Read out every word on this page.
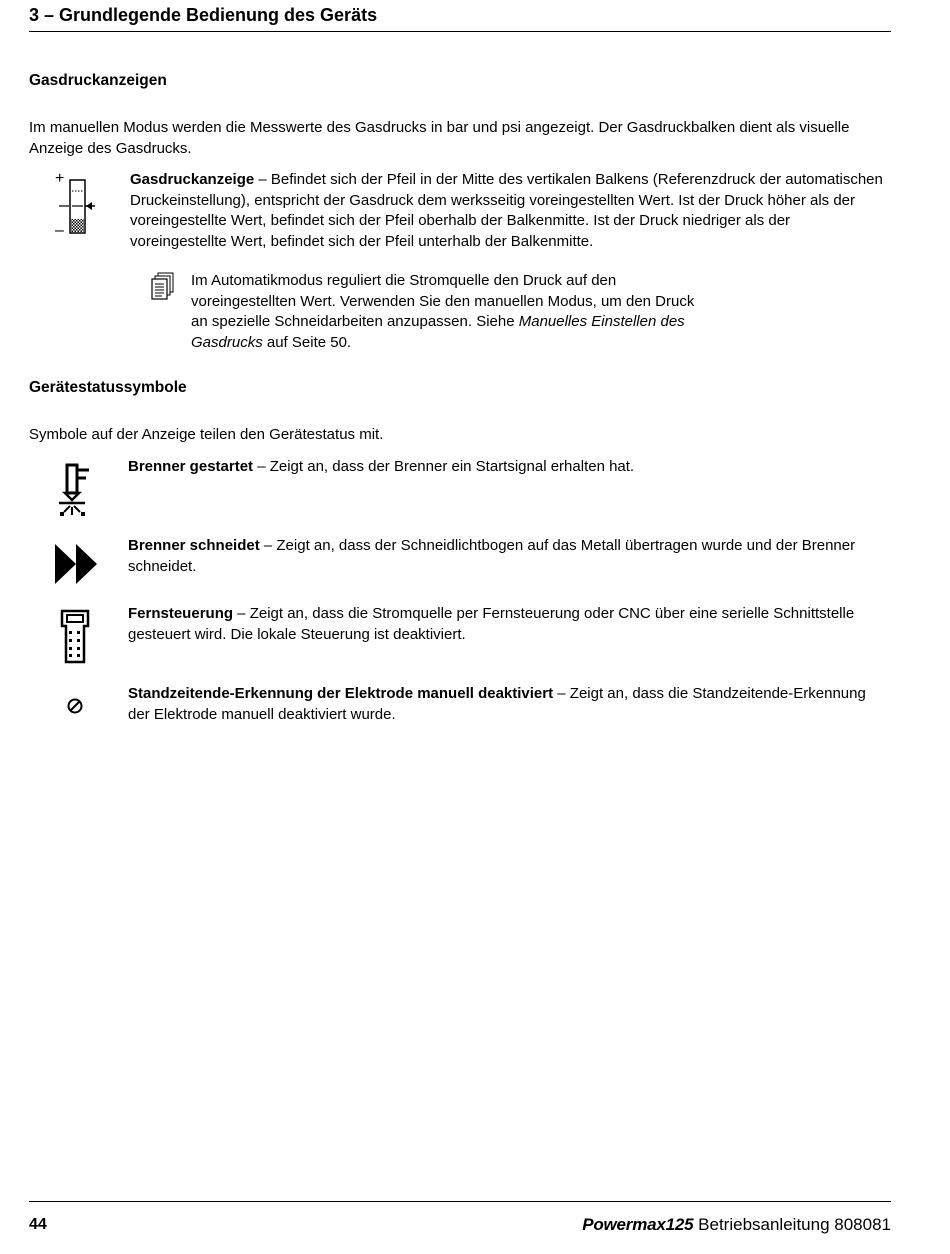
3 – Grundlegende Bedienung des Geräts
Gasdruckanzeigen

Im manuellen Modus werden die Messwerte des Gasdrucks in bar und psi angezeigt. Der Gasdruckbalken dient als visuelle Anzeige des Gasdrucks.

+
–

Gasdruckanzeige – Befindet sich der Pfeil in der Mitte des vertikalen Balkens (Referenzdruck der automatischen Druckeinstellung), entspricht der Gasdruck dem werksseitig voreingestellten Wert. Ist der Druck höher als der voreingestellte Wert, befindet sich der Pfeil oberhalb der Balkenmitte. Ist der Druck niedriger als der voreingestellte Wert, befindet sich der Pfeil unterhalb der Balkenmitte.

Im Automatikmodus reguliert die Stromquelle den Druck auf den voreingestellten Wert. Verwenden Sie den manuellen Modus, um den Druck an spezielle Schneidarbeiten anzupassen. Siehe Manuelles Einstellen des Gasdrucks auf Seite 50.

Gerätestatussymbole

Symbole auf der Anzeige teilen den Gerätestatus mit.

Brenner gestartet – Zeigt an, dass der Brenner ein Startsignal erhalten hat.

Brenner schneidet – Zeigt an, dass der Schneidlichtbogen auf das Metall übertragen wurde und der Brenner schneidet.

Fernsteuerung – Zeigt an, dass die Stromquelle per Fernsteuerung oder CNC über eine serielle Schnittstelle gesteuert wird. Die lokale Steuerung ist deaktiviert.

Standzeitende-Erkennung der Elektrode manuell deaktiviert – Zeigt an, dass die Standzeitende-Erkennung der Elektrode manuell deaktiviert wurde.

44	Powermax125 Betriebsanleitung 808081
